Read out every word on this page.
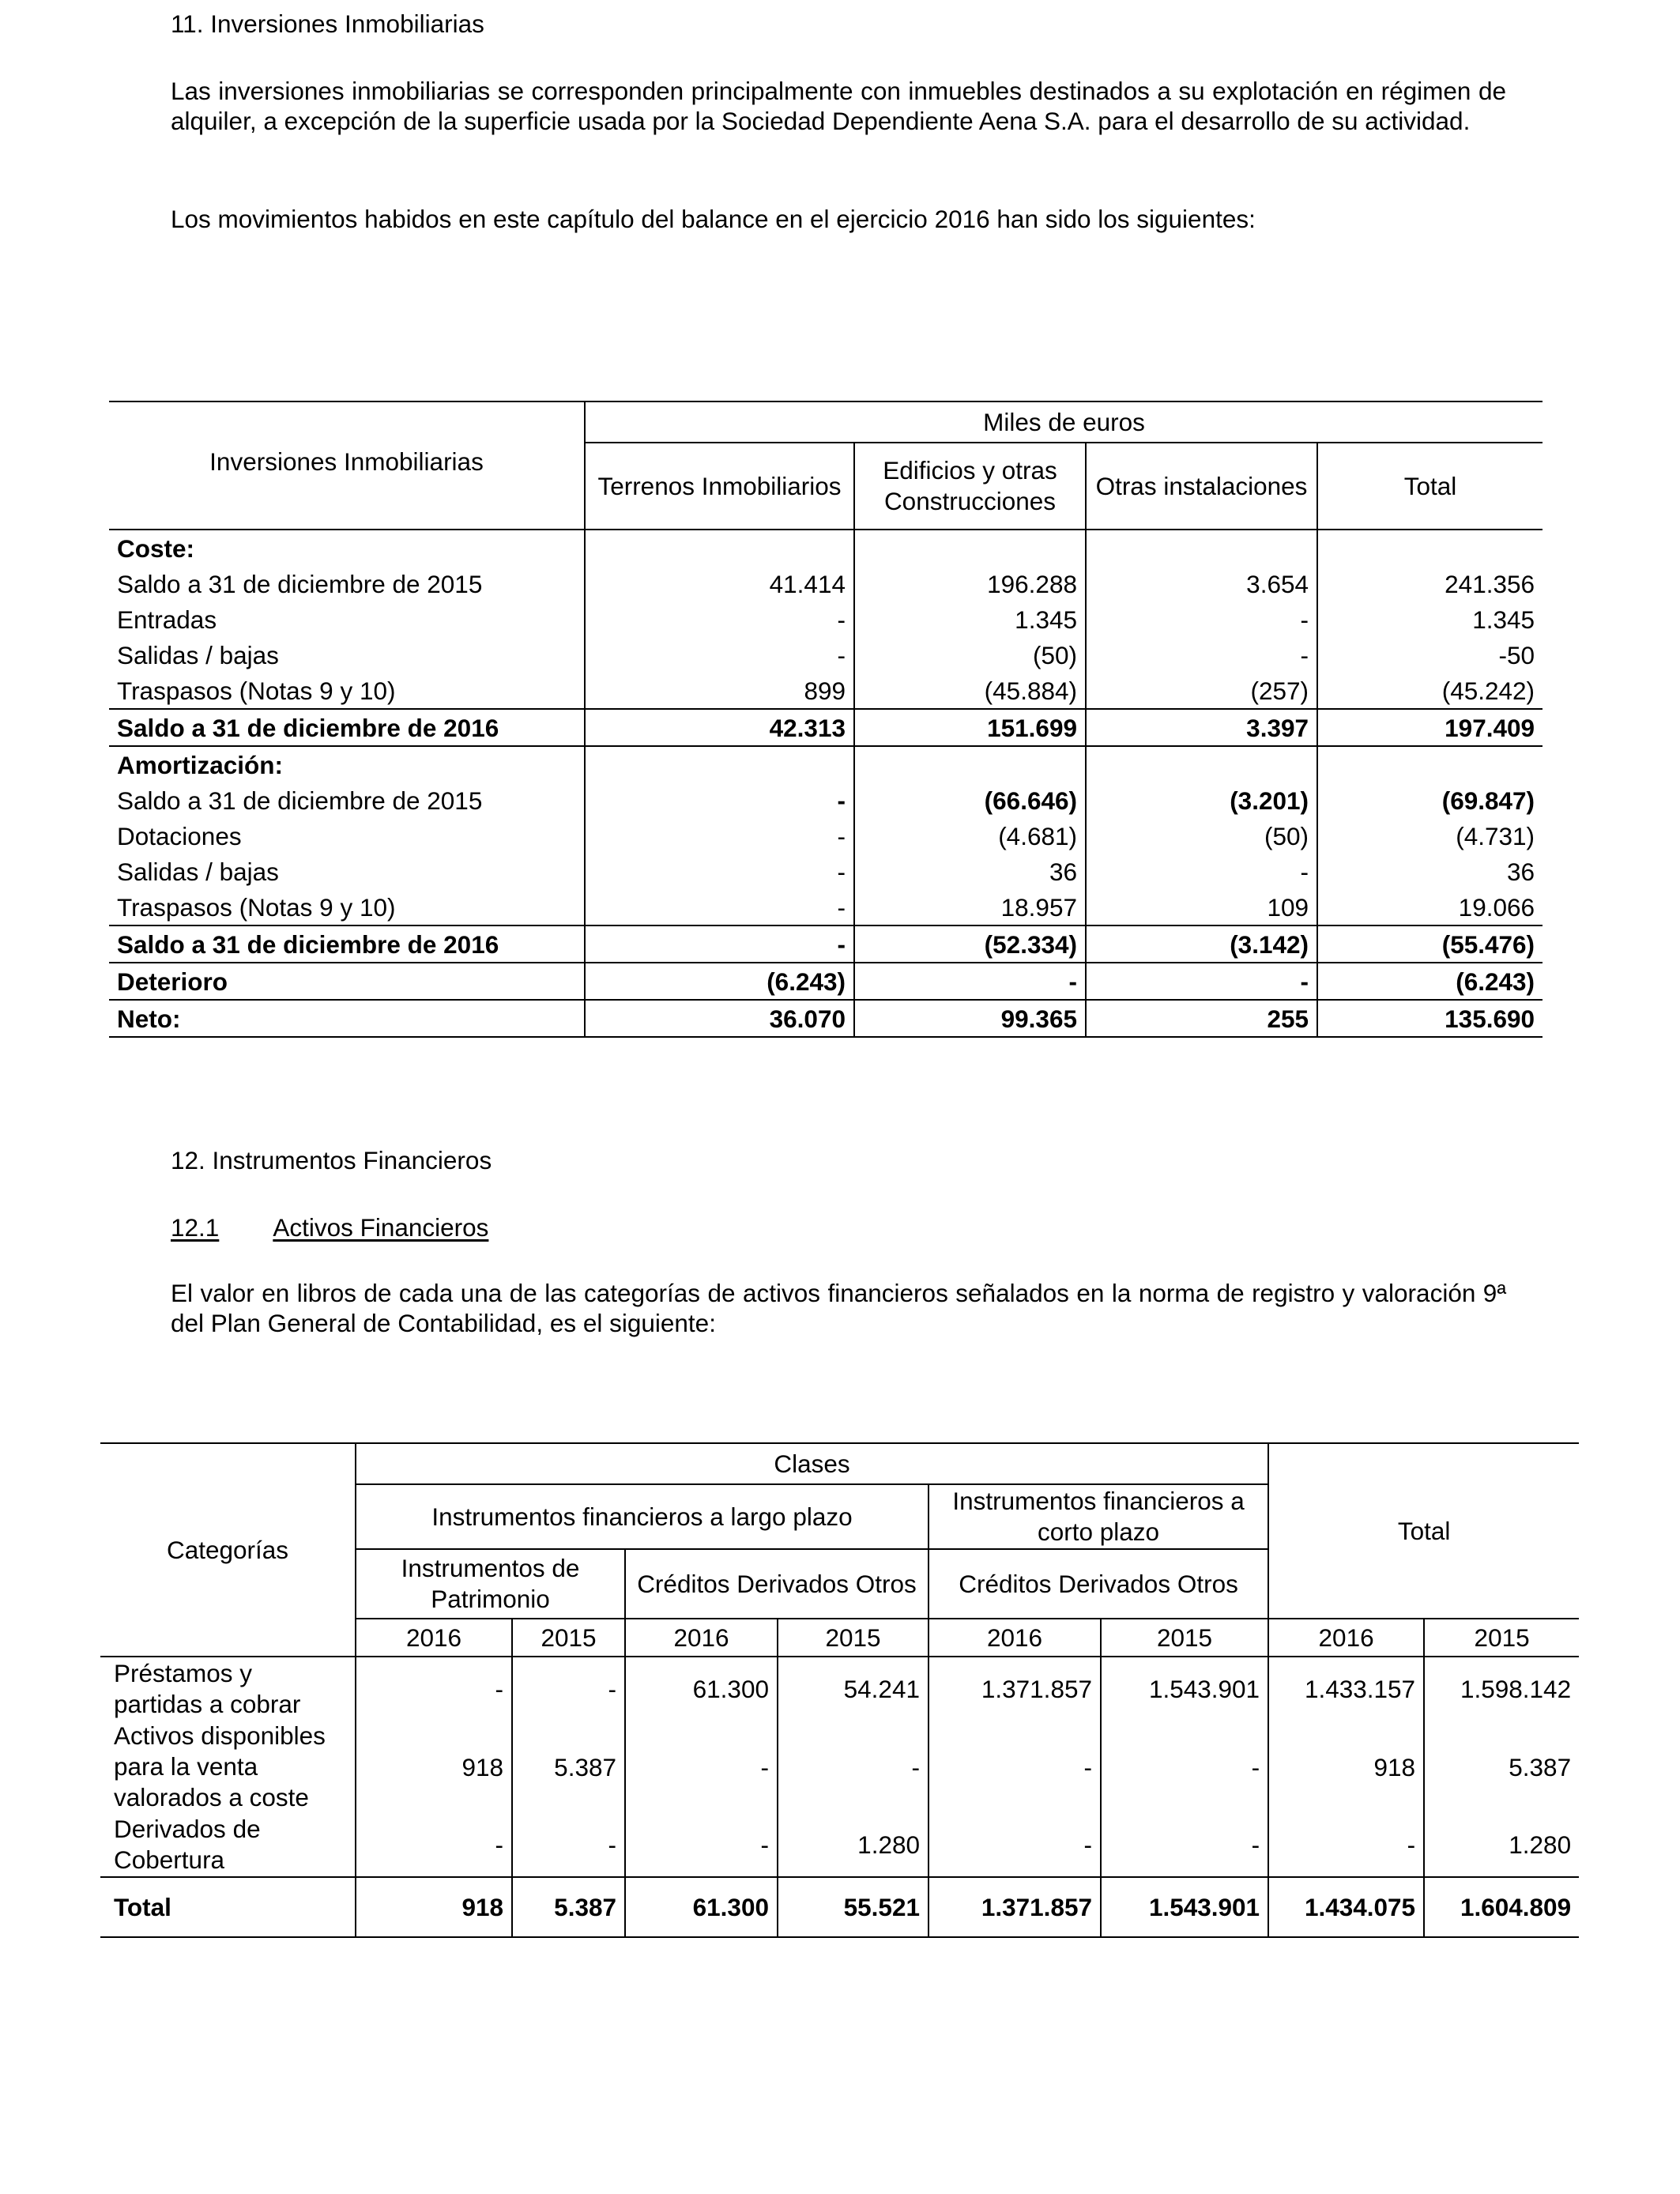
11. Inversiones Inmobiliarias
Las inversiones inmobiliarias se corresponden principalmente con inmuebles destinados a su explotación en régimen de alquiler, a excepción de la superficie usada por la Sociedad Dependiente Aena S.A. para el desarrollo de su actividad.
Los movimientos habidos en este capítulo del balance en el ejercicio 2016 han sido los siguientes:
Inversiones Inmobiliarias	Miles de euros			
	Terrenos Inmobiliarios	Edificios y otras Construcciones	Otras instalaciones	Total
Coste:				
Saldo a 31 de diciembre de 2015	41.414	196.288	3.654	241.356
Entradas	-	1.345	-	1.345
Salidas / bajas	-	(50)	-	-50
Traspasos (Notas 9 y 10)	899	(45.884)	(257)	(45.242)
Saldo a 31 de diciembre de 2016	42.313	151.699	3.397	197.409
Amortización:				
Saldo a 31 de diciembre de 2015	-	(66.646)	(3.201)	(69.847)
Dotaciones	-	(4.681)	(50)	(4.731)
Salidas / bajas	-	36	-	36
Traspasos (Notas 9 y 10)	-	18.957	109	19.066
Saldo a 31 de diciembre de 2016	-	(52.334)	(3.142)	(55.476)
Deterioro	(6.243)	-	-	(6.243)
Neto:	36.070	99.365	255	135.690
12. Instrumentos Financieros
12.1 Activos Financieros
El valor en libros de cada una de las categorías de activos financieros señalados en la norma de registro y valoración 9ª del Plan General de Contabilidad, es el siguiente:
Categorías	Clases						Total	
	Instrumentos financieros a largo plazo				Instrumentos financieros a corto plazo			
	Instrumentos de Patrimonio		Créditos Derivados Otros		Créditos Derivados Otros			
	2016	2015	2016	2015	2016	2015	2016	2015
Préstamos y partidas a cobrar	-	-	61.300	54.241	1.371.857	1.543.901	1.433.157	1.598.142
Activos disponibles para la venta valorados a coste	918	5.387	-	-	-	-	918	5.387
Derivados de Cobertura	-	-	-	1.280	-	-	-	1.280
Total	918	5.387	61.300	55.521	1.371.857	1.543.901	1.434.075	1.604.809
